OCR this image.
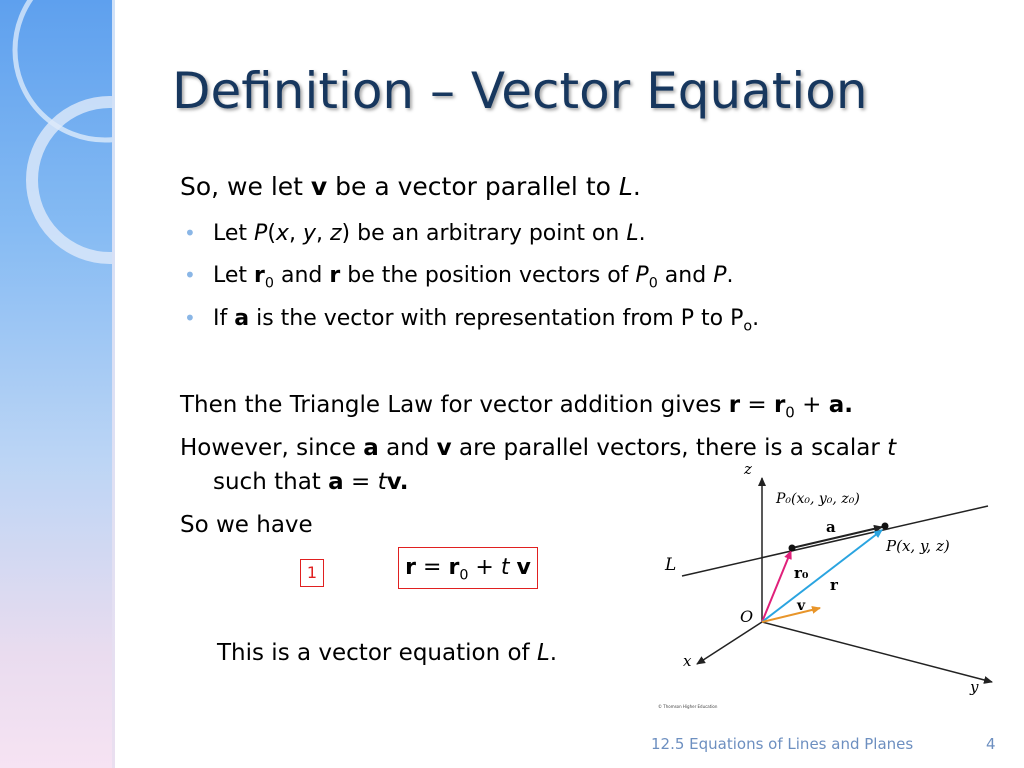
Definition – Vector Equation
So, we let v be a vector parallel to L.
• Let P(x, y, z) be an arbitrary point on L.
• Let $r_0$ and r be the position vectors of $P_0$ and P.
• If a is the vector with representation from P to $P_o$.
Then the Triangle Law for vector addition gives $r = r_0 + a$.
However, since a and v are parallel vectors, there is a scalar t
such that a = tv.
So we have
1	$r = r_0 + t$ v
This is a vector equation of L.
z
y
x
O
L
P₀(x₀, y₀, z₀)
P(x, y, z)
a
r₀
r
v
© Thomson Higher Education
12.5 Equations of Lines and Planes	4
